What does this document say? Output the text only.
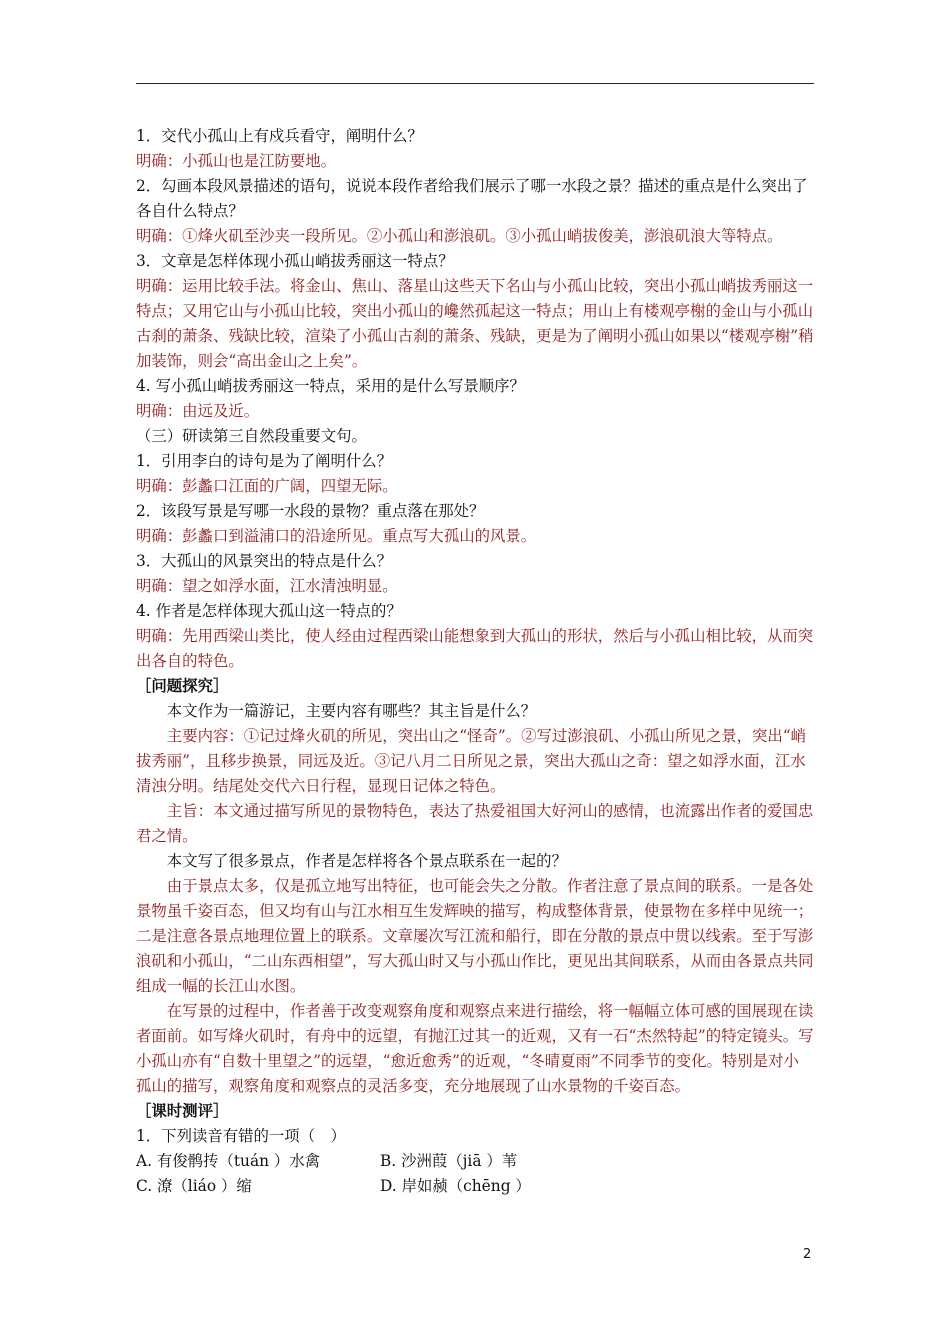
1．交代小孤山上有戍兵看守，阐明什么？

明确：小孤山也是江防要地。

2．勾画本段风景描述的语句，说说本段作者给我们展示了哪一水段之景？描述的重点是什么突出了各自什么特点？

明确：①烽火矶至沙夹一段所见。②小孤山和澎浪矶。③小孤山峭拔俊美，澎浪矶浪大等特点。

3．文章是怎样体现小孤山峭拔秀丽这一特点？

明确：运用比较手法。将金山、焦山、落星山这些天下名山与小孤山比较，突出小孤山峭拔秀丽这一特点；又用它山与小孤山比较，突出小孤山的巉然孤起这一特点；用山上有楼观亭榭的金山与小孤山古刹的萧条、残缺比较，渲染了小孤山古刹的萧条、残缺，更是为了阐明小孤山如果以“楼观亭榭”稍加装饰，则会“高出金山之上矣”。

4. 写小孤山峭拔秀丽这一特点，采用的是什么写景顺序？

明确：由远及近。

（三）研读第三自然段重要文句。

1．引用李白的诗句是为了阐明什么？

明确：彭蠡口江面的广阔，四望无际。

2．该段写景是写哪一水段的景物？重点落在那处？

明确：彭蠡口到溢浦口的沿途所见。重点写大孤山的风景。

3．大孤山的风景突出的特点是什么？

明确：望之如浮水面，江水清浊明显。

4. 作者是怎样体现大孤山这一特点的？

明确：先用西梁山类比，使人经由过程西梁山能想象到大孤山的形状，然后与小孤山相比较，从而突出各自的特色。

［问题探究］

本文作为一篇游记，主要内容有哪些？其主旨是什么？

主要内容：①记过烽火矶的所见，突出山之“怪奇”。②写过澎浪矶、小孤山所见之景，突出“峭拔秀丽”，且移步换景，同远及近。③记八月二日所见之景，突出大孤山之奇：望之如浮水面，江水清浊分明。结尾处交代六日行程，显现日记体之特色。

主旨：本文通过描写所见的景物特色，表达了热爱祖国大好河山的感情，也流露出作者的爱国忠君之情。

本文写了很多景点，作者是怎样将各个景点联系在一起的？

由于景点太多，仅是孤立地写出特征，也可能会失之分散。作者注意了景点间的联系。一是各处景物虽千姿百态，但又均有山与江水相互生发辉映的描写，构成整体背景，使景物在多样中见统一；二是注意各景点地理位置上的联系。文章屡次写江流和船行，即在分散的景点中贯以线索。至于写澎浪矶和小孤山，“二山东西相望”，写大孤山时又与小孤山作比，更见出其间联系，从而由各景点共同组成一幅的长江山水图。

在写景的过程中，作者善于改变观察角度和观察点来进行描绘，将一幅幅立体可感的国展现在读者面前。如写烽火矶时，有舟中的远望，有抛江过其一的近观，又有一石“杰然特起”的特定镜头。写小孤山亦有“自数十里望之”的远望，“愈近愈秀”的近观，“冬晴夏雨”不同季节的变化。特别是对小孤山的描写，观察角度和观察点的灵活多变，充分地展现了山水景物的千姿百态。

［课时测评］

1．下列读音有错的一项（　）

A. 有俊鹘抟（tuán ）水禽	B. 沙洲葭（jiā ）苇
C. 潦（liáo ）缩	D. 岸如赪（chēng ）
2
